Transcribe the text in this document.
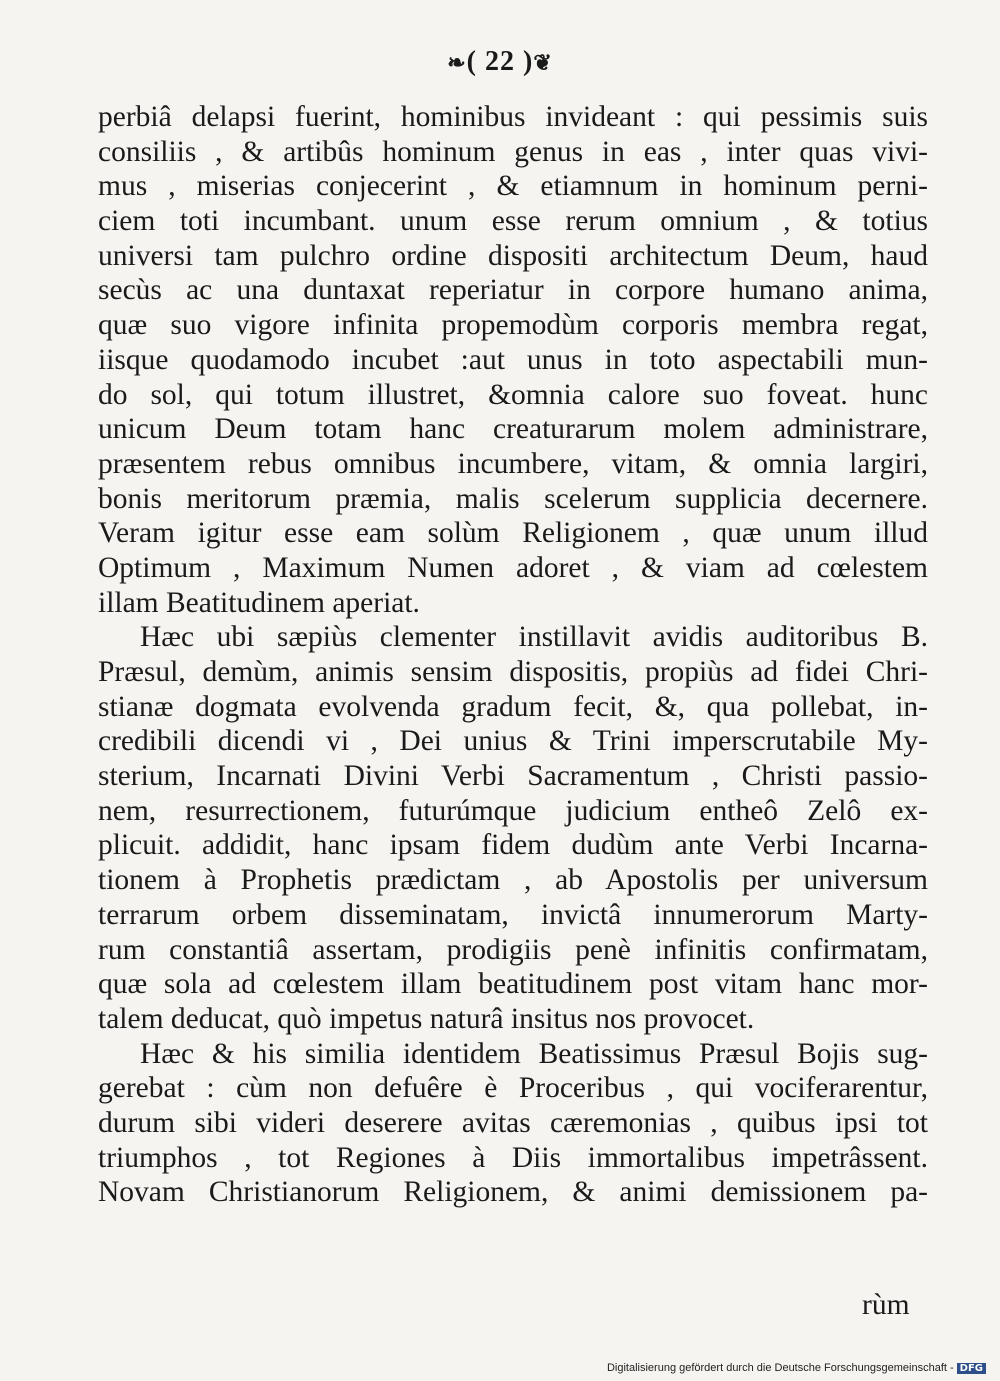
❧( 22 )❦
perbiâ delapsi fuerint, hominibus invideant : qui pessimis suis
consiliis , & artibûs hominum genus in eas , inter quas vivi-
mus , miserias conjecerint , & etiamnum in hominum perni-
ciem toti incumbant. unum esse rerum omnium , & totius
universi tam pulchro ordine dispositi architectum Deum, haud
secùs ac una duntaxat reperiatur in corpore humano anima,
quæ suo vigore infinita propemodùm corporis membra regat,
iisque quodamodo incubet :aut unus in toto aspectabili mun-
do sol, qui totum illustret, &omnia calore suo foveat. hunc
unicum Deum totam hanc creaturarum molem administrare,
præsentem rebus omnibus incumbere, vitam, & omnia largiri,
bonis meritorum præmia, malis scelerum supplicia decernere.
Veram igitur esse eam solùm Religionem , quæ unum illud
Optimum , Maximum Numen adoret , & viam ad cœlestem
illam Beatitudinem aperiat.
Hæc ubi sæpiùs clementer instillavit avidis auditoribus B.
Præsul, demùm, animis sensim dispositis, propiùs ad fidei Chri-
stianæ dogmata evolvenda gradum fecit, &, qua pollebat, in-
credibili dicendi vi , Dei unius & Trini imperscrutabile My-
sterium, Incarnati Divini Verbi Sacramentum , Christi passio-
nem, resurrectionem, futurúmque judicium entheô Zelô ex-
plicuit. addidit, hanc ipsam fidem dudùm ante Verbi Incarna-
tionem à Prophetis prædictam , ab Apostolis per universum
terrarum orbem disseminatam, invictâ innumerorum Marty-
rum constantiâ assertam, prodigiis penè infinitis confirmatam,
quæ sola ad cœlestem illam beatitudinem post vitam hanc mor-
talem deducat, quò impetus naturâ insitus nos provocet.
Hæc & his similia identidem Beatissimus Præsul Bojis sug-
gerebat : cùm non defuêre è Proceribus , qui vociferarentur,
durum sibi videri deserere avitas cæremonias , quibus ipsi tot
triumphos , tot Regiones à Diis immortalibus impetrâssent.
Novam Christianorum Religionem, & animi demissionem pa-
rùm
Digitalisierung gefördert durch die Deutsche Forschungsgemeinschaft - DFG
